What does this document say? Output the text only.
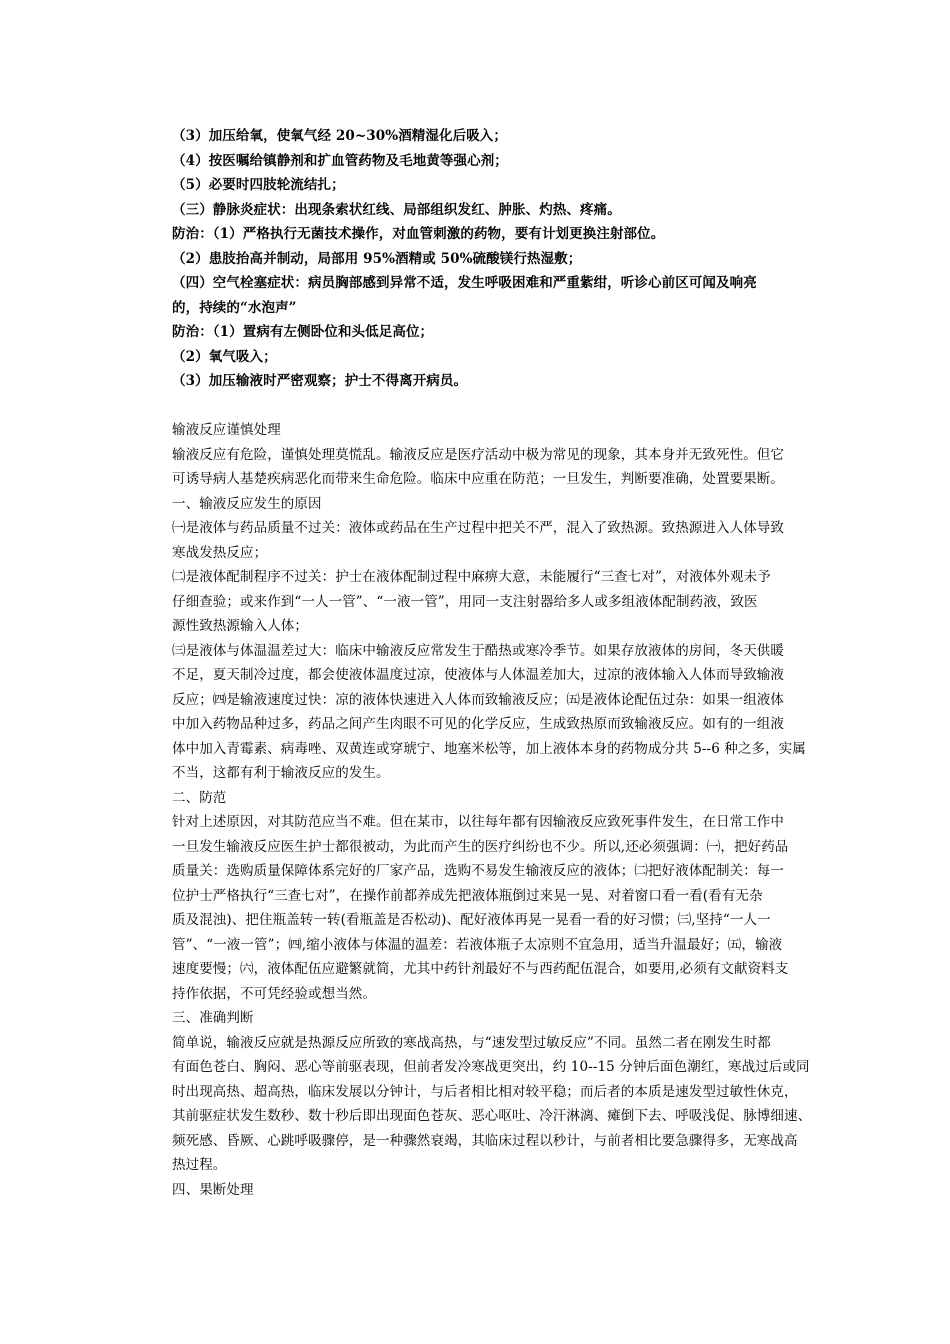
（3）加压给氧，使氧气经 20~30%酒精湿化后吸入；
（4）按医嘱给镇静剂和扩血管药物及毛地黄等强心剂；
（5）必要时四肢轮流结扎；
（三）静脉炎症状：出现条索状红线、局部组织发红、肿胀、灼热、疼痛。
防治：（1）严格执行无菌技术操作，对血管刺激的药物，要有计划更换注射部位。
（2）患肢抬高并制动，局部用 95%酒精或 50%硫酸镁行热湿敷；
（四）空气栓塞症状：病员胸部感到异常不适，发生呼吸困难和严重紫绀，听诊心前区可闻及响亮
的，持续的“水泡声”
防治：（1）置病有左侧卧位和头低足高位；
（2）氧气吸入；
（3）加压输液时严密观察；护士不得离开病员。
输液反应谨慎处理
输液反应有危险，谨慎处理莫慌乱。输液反应是医疗活动中极为常见的现象，其本身并无致死性。但它
可诱导病人基楚疾病恶化而带来生命危险。临床中应重在防范；一旦发生，判断要准确，处置要果断。
一、输液反应发生的原因
㈠是液体与药品质量不过关：液体或药品在生产过程中把关不严，混入了致热源。致热源进入人体导致
寒战发热反应；
㈡是液体配制程序不过关：护士在液体配制过程中麻痹大意，未能履行“三查七对”，对液体外观未予
仔细查验；或来作到“一人一管”、“一液一管”，用同一支注射器给多人或多组液体配制药液，致医
源性致热源输入人体；
㈢是液体与体温温差过大：临床中输液反应常发生于酷热或寒冷季节。如果存放液体的房间，冬天供暖
不足，夏天制冷过度，都会使液体温度过凉，使液体与人体温差加大，过凉的液体输入人体而导致输液
反应；㈣是输液速度过快：凉的液体快速进入人体而致输液反应；㈤是液体论配伍过杂：如果一组液体
中加入药物品种过多，药品之间产生肉眼不可见的化学反应，生成致热原而致输液反应。如有的一组液
体中加入青霉素、病毒唑、双黄连或穿琥宁、地塞米松等，加上液体本身的药物成分共 5--6 种之多，实属
不当，这都有利于输液反应的发生。
二、防范
针对上述原因，对其防范应当不难。但在某市，以往每年都有因输液反应致死事件发生，在日常工作中
一旦发生输液反应医生护士都很被动，为此而产生的医疗纠纷也不少。所以,还必须强调：㈠，把好药品
质量关：选购质量保障体系完好的厂家产品，选购不易发生输液反应的液体；㈡把好液体配制关：每一
位护士严格执行“三查七对”，在操作前都养成先把液体瓶倒过来晃一晃、对着窗口看一看(看有无杂
质及混浊)、把住瓶盖转一转(看瓶盖是否松动)、配好液体再晃一晃看一看的好习惯；㈢,坚持“一人一
管”、“一液一管”；㈣,缩小液体与体温的温差：若液体瓶子太凉则不宜急用，适当升温最好；㈤，输液
速度要慢；㈥，液体配伍应避繁就简，尤其中药针剂最好不与西药配伍混合，如要用,必须有文献资料支
持作依据，不可凭经验或想当然。
三、准确判断
简单说，输液反应就是热源反应所致的寒战高热，与“速发型过敏反应”不同。虽然二者在刚发生时都
有面色苍白、胸闷、恶心等前驱表现，但前者发冷寒战更突出，约 10--15 分钟后面色潮红，寒战过后或同
时出现高热、超高热，临床发展以分钟计，与后者相比相对较平稳；而后者的本质是速发型过敏性休克，
其前驱症状发生数秒、数十秒后即出现面色苍灰、恶心呕吐、冷汗淋漓、瘫倒下去、呼吸浅促、脉博细速、
频死感、昏厥、心跳呼吸骤停，是一种骤然衰竭，其临床过程以秒计，与前者相比要急骤得多，无寒战高
热过程。
四、果断处理
